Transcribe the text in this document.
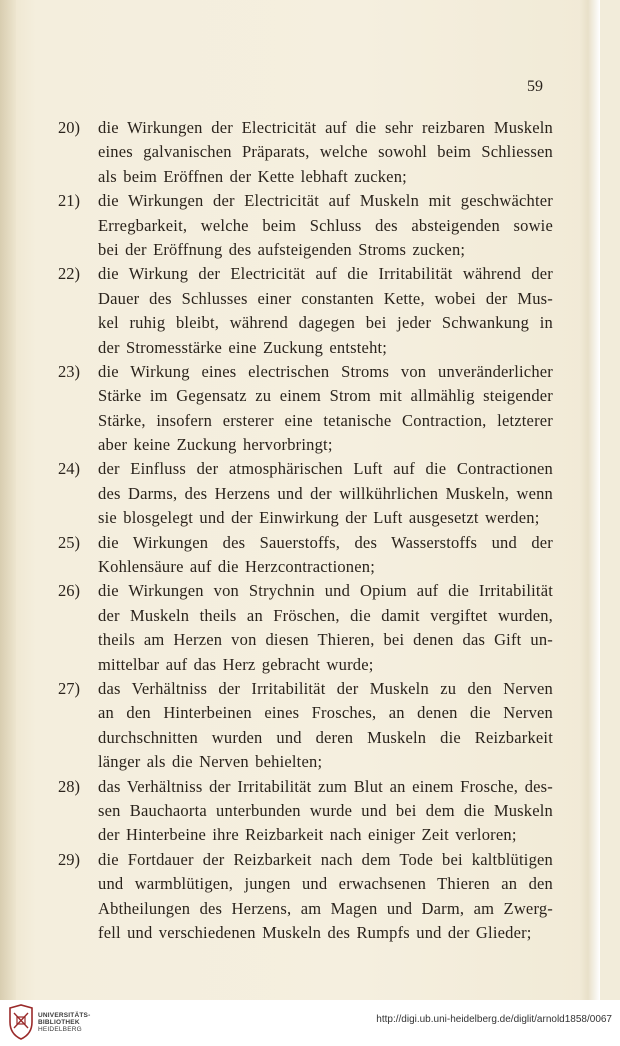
59
20)	die Wirkungen der Electricität auf die sehr reizbaren Muskeln
eines galvanischen Präparats, welche sowohl beim Schliessen
als beim Eröffnen der Kette lebhaft zucken;
21)	die Wirkungen der Electricität auf Muskeln mit geschwächter
Erregbarkeit, welche beim Schluss des absteigenden sowie
bei der Eröffnung des aufsteigenden Stroms zucken;
22)	die Wirkung der Electricität auf die Irritabilität während der
Dauer des Schlusses einer constanten Kette, wobei der Mus-
kel ruhig bleibt, während dagegen bei jeder Schwankung in
der Stromesstärke eine Zuckung entsteht;
23)	die Wirkung eines electrischen Stroms von unveränderlicher
Stärke im Gegensatz zu einem Strom mit allmählig steigender
Stärke, insofern ersterer eine tetanische Contraction, letzterer
aber keine Zuckung hervorbringt;
24)	der Einfluss der atmosphärischen Luft auf die Contractionen
des Darms, des Herzens und der willkührlichen Muskeln, wenn
sie blosgelegt und der Einwirkung der Luft ausgesetzt werden;
25)	die Wirkungen des Sauerstoffs, des Wasserstoffs und der
Kohlensäure auf die Herzcontractionen;
26)	die Wirkungen von Strychnin und Opium auf die Irritabilität
der Muskeln theils an Fröschen, die damit vergiftet wurden,
theils am Herzen von diesen Thieren, bei denen das Gift un-
mittelbar auf das Herz gebracht wurde;
27)	das Verhältniss der Irritabilität der Muskeln zu den Nerven
an den Hinterbeinen eines Frosches, an denen die Nerven
durchschnitten wurden und deren Muskeln die Reizbarkeit
länger als die Nerven behielten;
28)	das Verhältniss der Irritabilität zum Blut an einem Frosche, des-
sen Bauchaorta unterbunden wurde und bei dem die Muskeln
der Hinterbeine ihre Reizbarkeit nach einiger Zeit verloren;
29)	die Fortdauer der Reizbarkeit nach dem Tode bei kaltblütigen
und warmblütigen, jungen und erwachsenen Thieren an den
Abtheilungen des Herzens, am Magen und Darm, am Zwerg-
fell und verschiedenen Muskeln des Rumpfs und der Glieder;
UNIVERSITÄTS-
BIBLIOTHEK
HEIDELBERG
http://digi.ub.uni-heidelberg.de/diglit/arnold1858/0067
